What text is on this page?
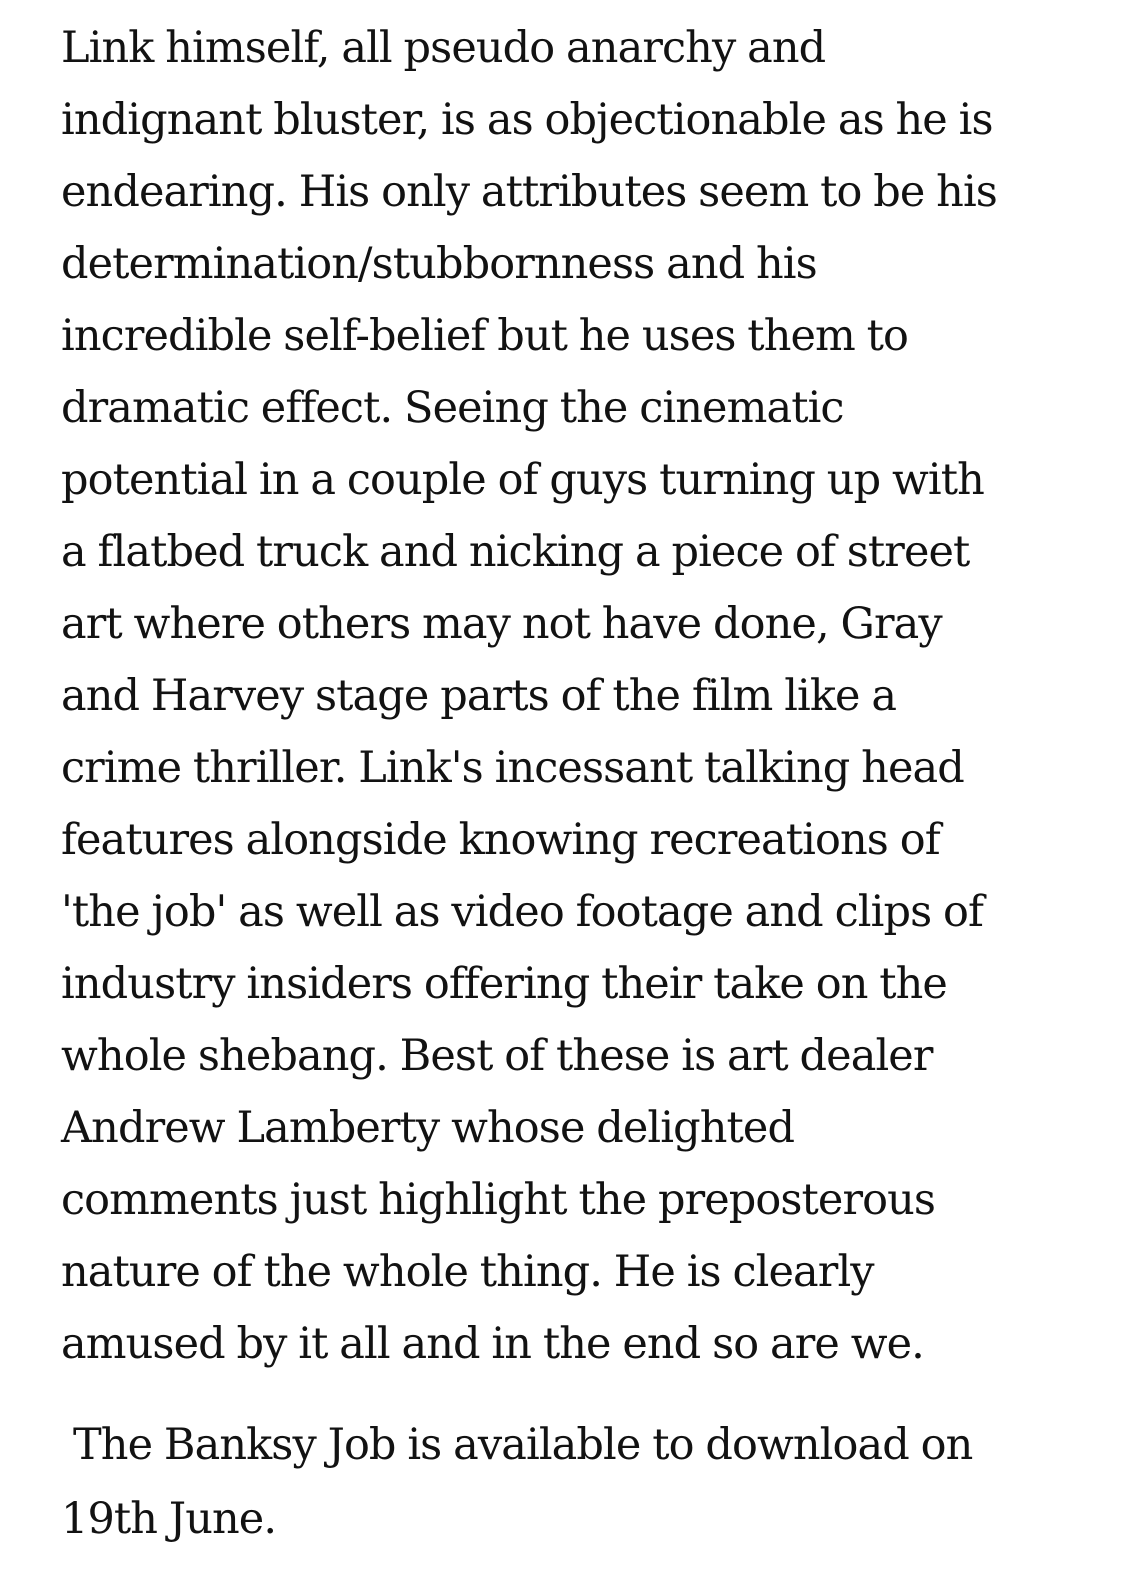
Link himself, all pseudo anarchy and
indignant bluster, is as objectionable as he is
endearing. His only attributes seem to be his
determination/stubbornness and his
incredible self-belief but he uses them to
dramatic effect. Seeing the cinematic
potential in a couple of guys turning up with
a flatbed truck and nicking a piece of street
art where others may not have done, Gray
and Harvey stage parts of the film like a
crime thriller. Link's incessant talking head
features alongside knowing recreations of
'the job' as well as video footage and clips of
industry insiders offering their take on the
whole shebang. Best of these is art dealer
Andrew Lamberty whose delighted
comments just highlight the preposterous
nature of the whole thing. He is clearly
amused by it all and in the end so are we.

The Banksy Job is available to download on
19th June.
